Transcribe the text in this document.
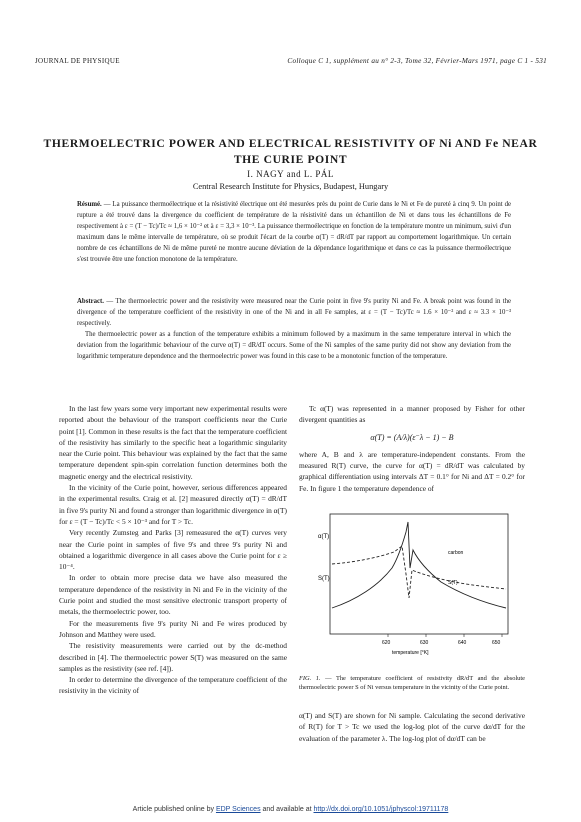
JOURNAL DE PHYSIQUE	Colloque C 1, supplément au n° 2-3, Tome 32, Février-Mars 1971, page C 1 - 531
THERMOELECTRIC POWER AND ELECTRICAL RESISTIVITY OF Ni AND Fe NEAR THE CURIE POINT
I. NAGY and L. PÁL
Central Research Institute for Physics, Budapest, Hungary
Résumé. — La puissance thermoélectrique et la résistivité électrique ont été mesurées près du point de Curie dans le Ni et Fe de pureté à cinq 9. Un point de rupture a été trouvé dans la divergence du coefficient de température de la résistivité dans un échantillon de Ni et dans tous les échantillons de Fe respectivement à ε = (T − Tc)/Tc ≈ 1,6 × 10⁻² et à ε = 3,3 × 10⁻³. La puissance thermoélectrique en fonction de la température montre un minimum, suivi d'un maximum dans le même intervalle de température, où se produit l'écart de la courbe α(T) = dR/dT par rapport au comportement logarithmique. Un certain nombre de ces échantillons de Ni de même pureté ne montre aucune déviation de la dépendance logarithmique et dans ce cas la puissance thermoélectrique s'est trouvée être une fonction monotone de la température.
Abstract. — The thermoelectric power and the resistivity were measured near the Curie point in five 9's purity Ni and Fe. A break point was found in the divergence of the temperature coefficient of the resistivity in one of the Ni and in all Fe samples, at ε = (T − Tc)/Tc ≈ 1.6 × 10⁻² and ε ≈ 3.3 × 10⁻³ respectively.
The thermoelectric power as a function of the temperature exhibits a minimum followed by a maximum in the same temperature interval in which the deviation from the logarithmic behaviour of the curve α(T) = dR/dT occurs. Some of the Ni samples of the same purity did not show any deviation from the logarithmic temperature dependence and the thermoelectric power was found in this case to be a monotonic function of the temperature.

In the last few years some very important new experimental results were reported about the behaviour of the transport coefficients near the Curie point [1]. Common in these results is the fact that the temperature coefficient of the resistivity has similarly to the specific heat a logarithmic singularity near the Curie point. This behaviour was explained by the fact that the same temperature dependent spin-spin correlation function determines both the magnetic energy and the electrical resistivity.

In the vicinity of the Curie point, however, serious differences appeared in the experimental results. Craig et al. [2] measured directly α(T) = dR/dT in five 9's purity Ni and found a stronger than logarithmic divergence in α(T) for ε = (T − Tc)/Tc < 5 × 10⁻³ and for T > Tc.

Very recently Zumsteg and Parks [3] remeasured the α(T) curves very near the Curie point in samples of five 9's and three 9's purity Ni and obtained a logarithmic divergence in all cases above the Curie point for ε ≥ 10⁻⁴.

In order to obtain more precise data we have also measured the temperature dependence of the resistivity in Ni and Fe in the vicinity of the Curie point and studied the most sensitive electronic transport property of metals, the thermoelectric power, too.

For the measurements five 9's purity Ni and Fe wires produced by Johnson and Matthey were used.

The resistivity measurements were carried out by the dc-method described in [4]. The thermoelectric power S(T) was measured on the same samples as the resistivity (see ref. [4]).

In order to determine the divergence of the temperature coefficient of the resistivity in the vicinity of

Tc α(T) was represented in a manner proposed by Fisher for other divergent quantities as

α(T) = (A/λ)(ε⁻λ − 1) − B

where A, B and λ are temperature-independent constants. From the measured R(T) curve, the curve for α(T) = dR/dT was calculated by graphical differentiation using intervals ΔT = 0.1° for Ni and ΔT = 0.2° for Fe. In figure 1 the temperature dependence of

α(T)
S(T)
carbon
S(T)
620	630	640	650
temperature [°K]
FIG. 1. — The temperature coefficient of resistivity dR/dT and the absolute thermoelectric power S of Ni versus temperature in the vicinity of the Curie point.

α(T) and S(T) are shown for Ni sample. Calculating the second derivative of R(T) for T > Tc we used the log-log plot of the curve dα/dT for the evaluation of the parameter λ. The log-log plot of dα/dT can be

Article published online by EDP Sciences and available at http://dx.doi.org/10.1051/jphyscol:19711178
